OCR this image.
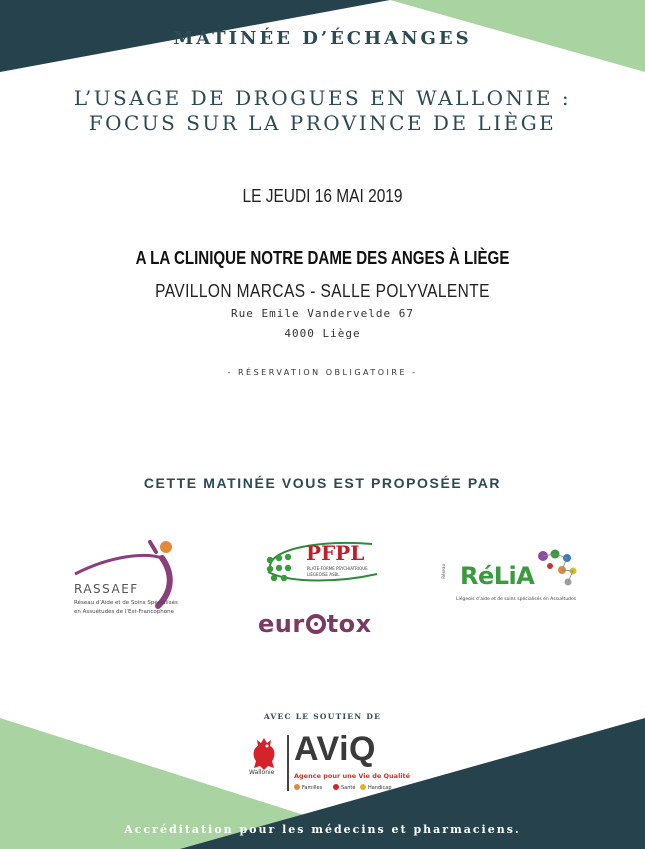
MATINÉE D’ÉCHANGES
L’USAGE DE DROGUES EN WALLONIE :
FOCUS SUR LA PROVINCE DE LIÈGE
LE JEUDI 16 MAI 2019
A LA CLINIQUE NOTRE DAME DES ANGES À LIÈGE
PAVILLON MARCAS - SALLE POLYVALENTE
Rue Emile Vandervelde 67
4000 Liège
- RÉSERVATION OBLIGATOIRE -
CETTE MATINÉE VOUS EST PROPOSÉE PAR
RASSAEF
Réseau d’Aide et de Soins Spécialisés
en Assuétudes de l’Est-Francophone
PFPL
PLATE-FORME PSYCHIATRIQUE
LIÉGEOISE ASBL
eur tox
Réseau RéLiA
Liégeois d’aide et de soins spécialisés en Assuétudes
AVEC LE SOUTIEN DE
Wallonie
AViQ
Agence pour une Vie de Qualité
Familles	Santé	Handicap
Accréditation pour les médecins et pharmaciens.
